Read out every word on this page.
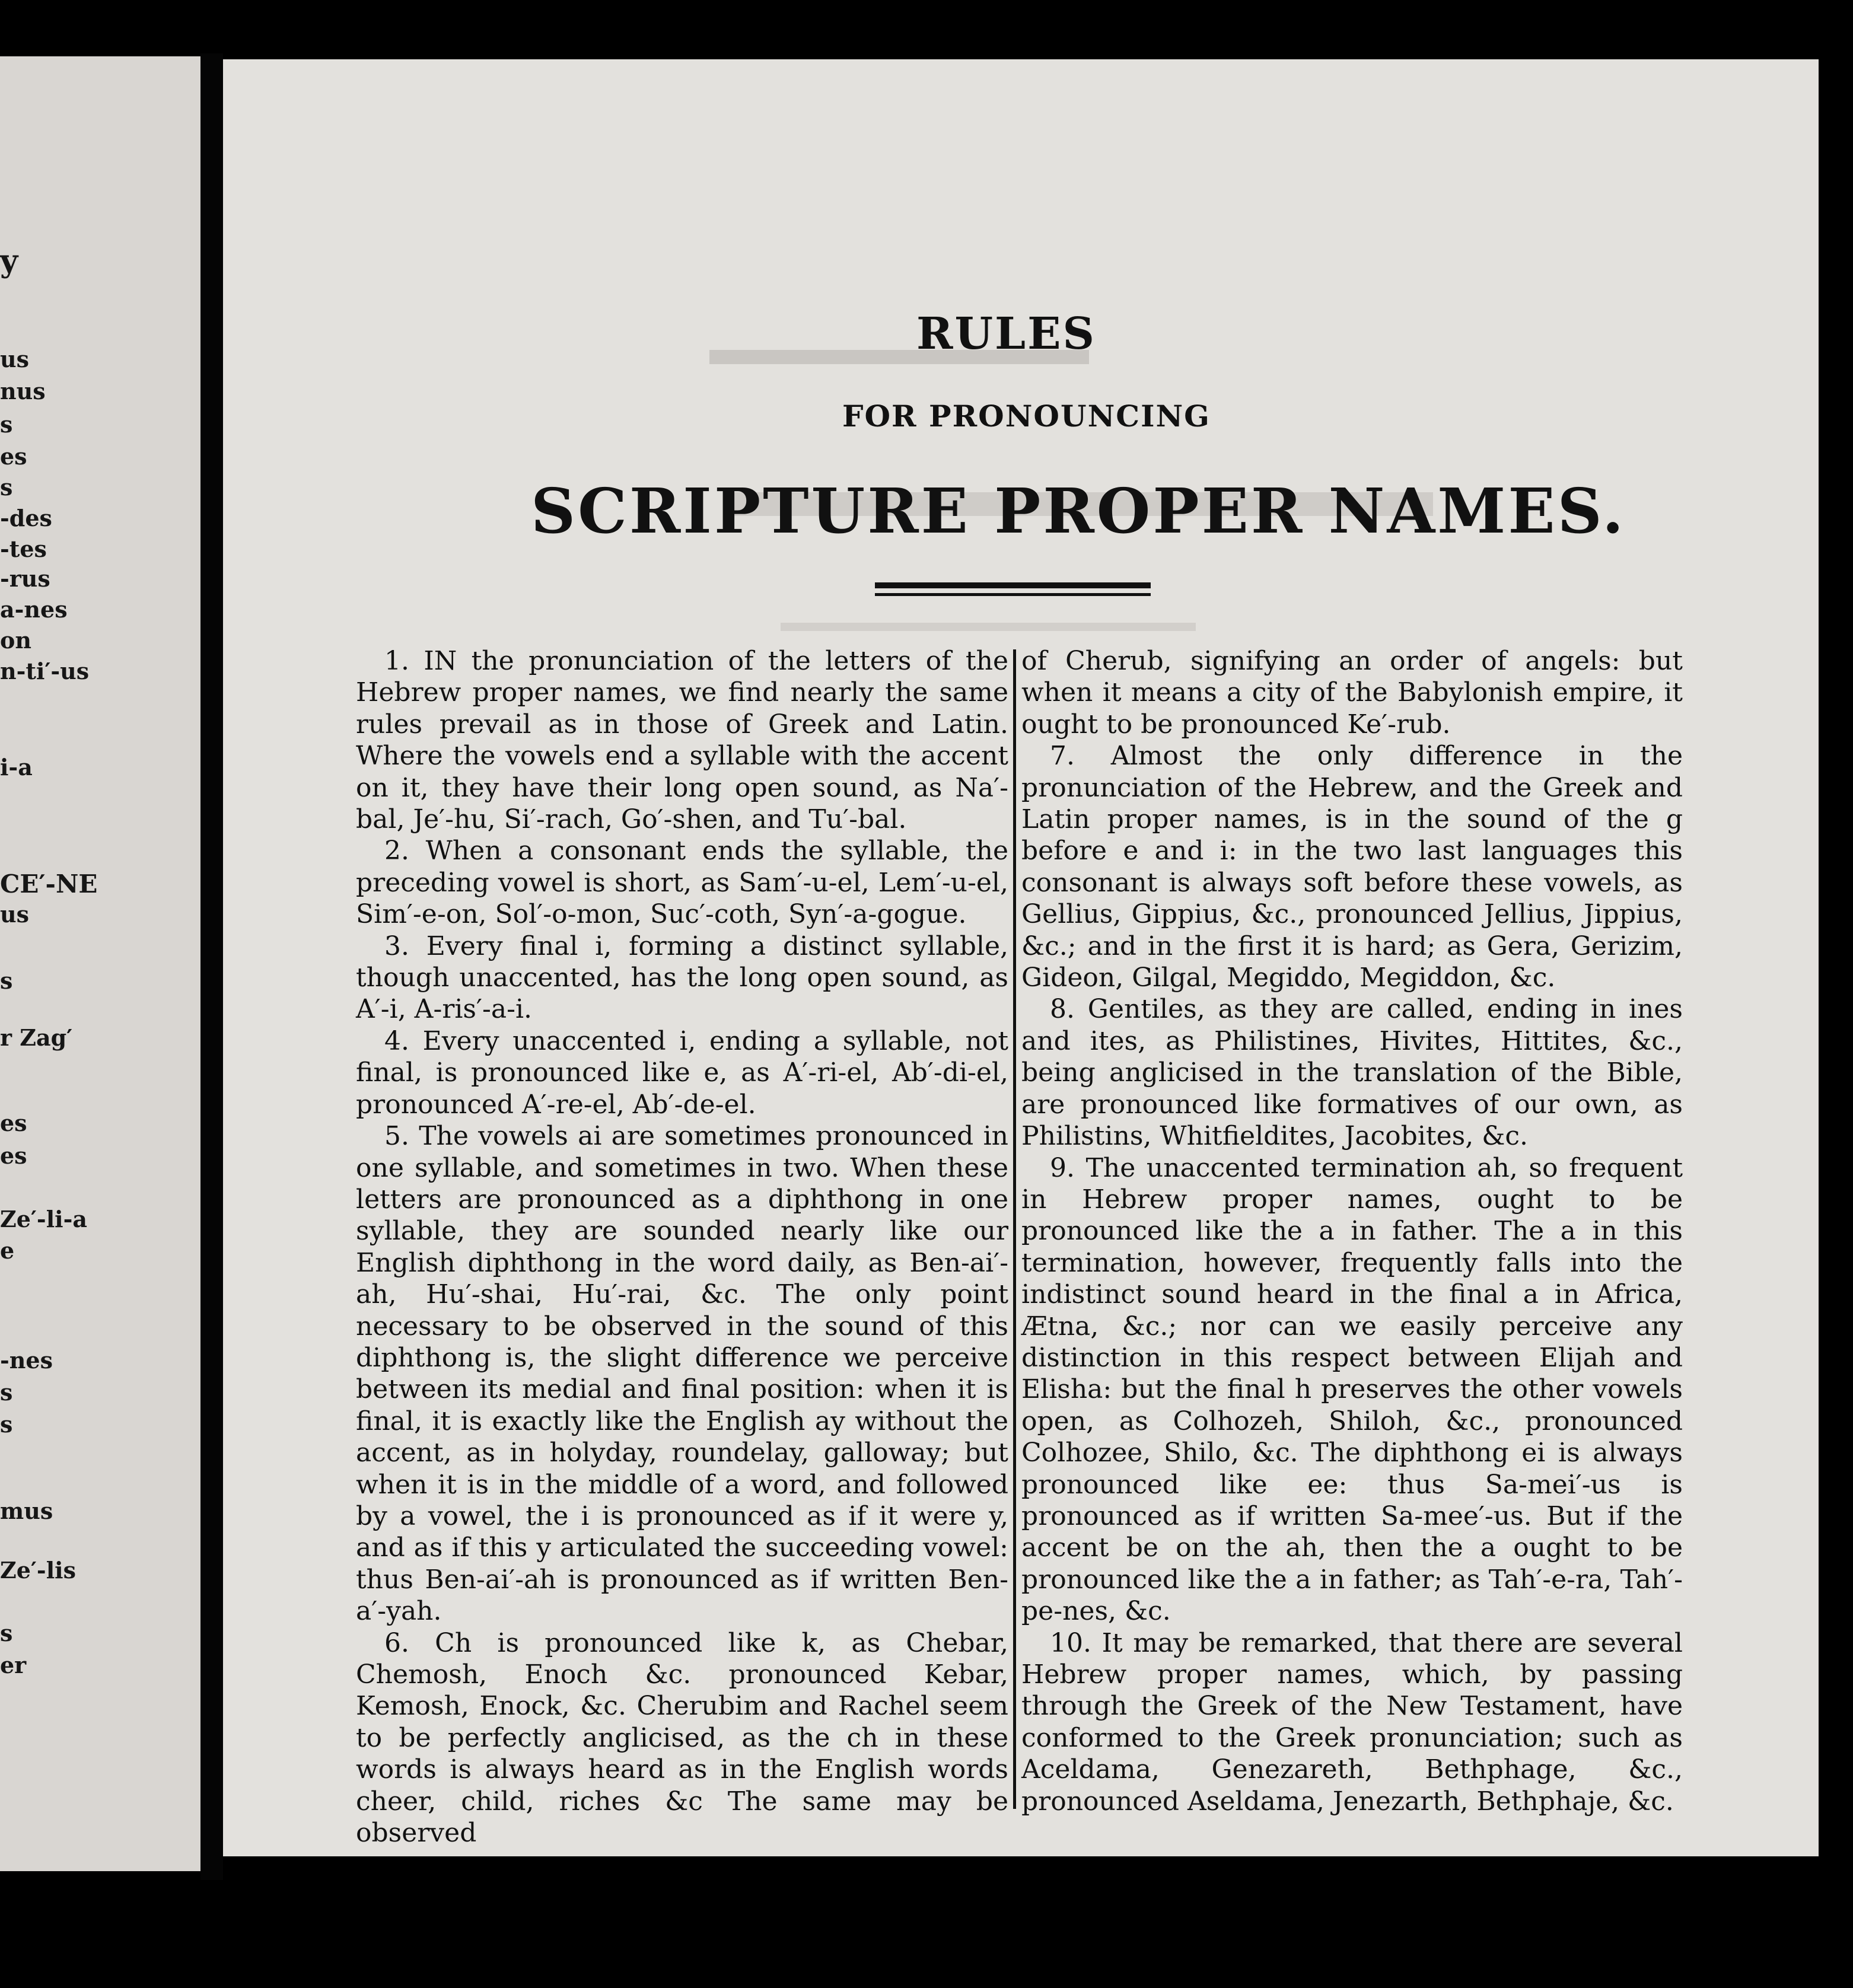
y
us
nus
s
es
s
-des
-tes
-rus
a-nes
on
n-ti′-us
i-a
CE′-NE
us
s
r Zag′
es
es
Ze′-li-a
e
-nes
s
s
mus
Ze′-lis
s
er
RULES
FOR PRONOUNCING
SCRIPTURE PROPER NAMES.

1. IN the pronunciation of the letters of the Hebrew proper names, we find nearly the same rules prevail as in those of Greek and Latin. Where the vowels end a syllable with the accent on it, they have their long open sound, as Na′-bal, Je′-hu, Si′-rach, Go′-shen, and Tu′-bal.

2. When a consonant ends the syllable, the preceding vowel is short, as Sam′-u-el, Lem′-u-el, Sim′-e-on, Sol′-o-mon, Suc′-coth, Syn′-a-gogue.

3. Every final i, forming a distinct syllable, though unaccented, has the long open sound, as A′-i, A-ris′-a-i.

4. Every unaccented i, ending a syllable, not final, is pronounced like e, as A′-ri-el, Ab′-di-el, pronounced A′-re-el, Ab′-de-el.

5. The vowels ai are sometimes pronounced in one syllable, and sometimes in two. When these letters are pronounced as a diphthong in one syllable, they are sounded nearly like our English diphthong in the word daily, as Ben-ai′-ah, Hu′-shai, Hu′-rai, &c. The only point necessary to be observed in the sound of this diphthong is, the slight difference we perceive between its medial and final position: when it is final, it is exactly like the English ay without the accent, as in holyday, roundelay, galloway; but when it is in the middle of a word, and followed by a vowel, the i is pronounced as if it were y, and as if this y articulated the succeeding vowel: thus Ben-ai′-ah is pronounced as if written Ben-a′-yah.

6. Ch is pronounced like k, as Chebar, Chemosh, Enoch &c. pronounced Kebar, Kemosh, Enock, &c. Cherubim and Rachel seem to be perfectly anglicised, as the ch in these words is always heard as in the English words cheer, child, riches &c The same may be observed

of Cherub, signifying an order of angels: but when it means a city of the Babylonish empire, it ought to be pronounced Ke′-rub.

7. Almost the only difference in the pronunciation of the Hebrew, and the Greek and Latin proper names, is in the sound of the g before e and i: in the two last languages this consonant is always soft before these vowels, as Gellius, Gippius, &c., pronounced Jellius, Jippius, &c.; and in the first it is hard; as Gera, Gerizim, Gideon, Gilgal, Megiddo, Megiddon, &c.

8. Gentiles, as they are called, ending in ines and ites, as Philistines, Hivites, Hittites, &c., being anglicised in the translation of the Bible, are pronounced like formatives of our own, as Philistins, Whitfieldites, Jacobites, &c.

9. The unaccented termination ah, so frequent in Hebrew proper names, ought to be pronounced like the a in father. The a in this termination, however, frequently falls into the indistinct sound heard in the final a in Africa, Ætna, &c.; nor can we easily perceive any distinction in this respect between Elijah and Elisha: but the final h preserves the other vowels open, as Colhozeh, Shiloh, &c., pronounced Colhozee, Shilo, &c. The diphthong ei is always pronounced like ee: thus Sa-mei′-us is pronounced as if written Sa-mee′-us. But if the accent be on the ah, then the a ought to be pronounced like the a in father; as Tah′-e-ra, Tah′-pe-nes, &c.

10. It may be remarked, that there are several Hebrew proper names, which, by passing through the Greek of the New Testament, have conformed to the Greek pronunciation; such as Aceldama, Genezareth, Bethphage, &c., pronounced Aseldama, Jenezarth, Bethphaje, &c.
